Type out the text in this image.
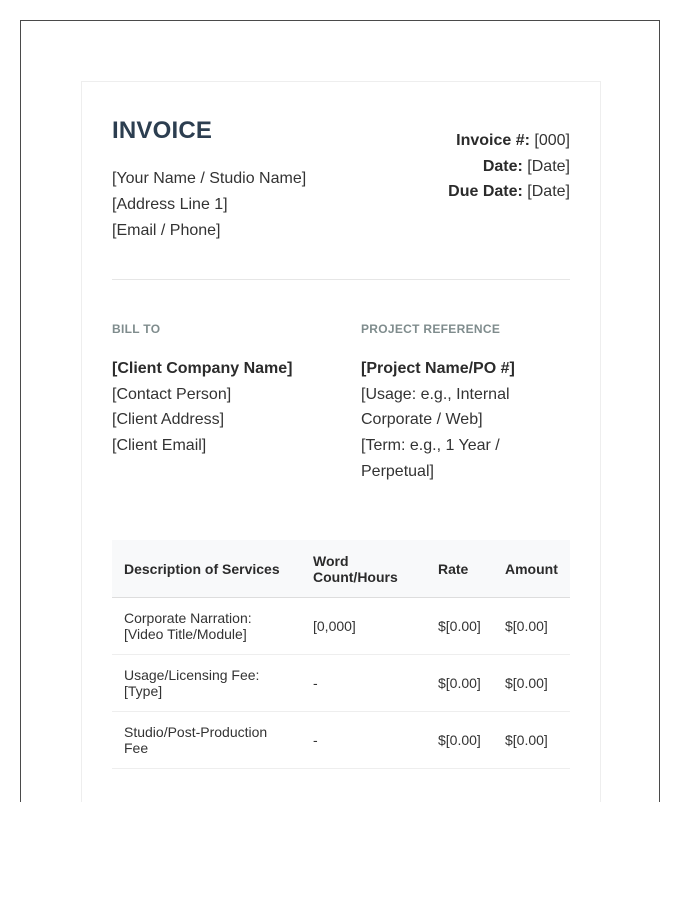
INVOICE
[Your Name / Studio Name]
[Address Line 1]
[Email / Phone]
Invoice #: [000]
Date: [Date]
Due Date: [Date]
BILL TO	PROJECT REFERENCE
[Client Company Name]
[Contact Person]
[Client Address]
[Client Email]
[Project Name/PO #]
[Usage: e.g., Internal Corporate / Web]
[Term: e.g., 1 Year / Perpetual]
Description of Services	Word Count/Hours	Rate	Amount
Corporate Narration: [Video Title/Module]	[0,000]	$[0.00]	$[0.00]
Usage/Licensing Fee: [Type]	-	$[0.00]	$[0.00]
Studio/Post-Production Fee	-	$[0.00]	$[0.00]
